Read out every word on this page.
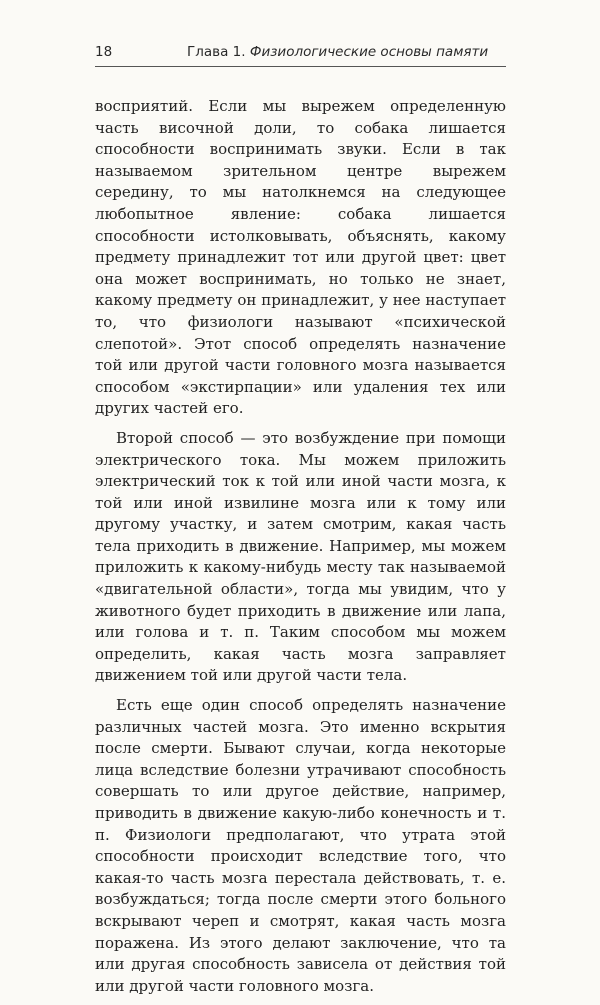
18	Глава 1. Физиологические основы памяти

восприятий. Если мы вырежем определенную часть височной доли, то собака лишается способности воспринимать звуки. Если в так называемом зрительном центре вырежем середину, то мы натолкнемся на следующее любопытное явление: собака лишается способности истолковывать, объяснять, какому предмету принадлежит тот или другой цвет: цвет она может воспринимать, но только не знает, какому предмету он принадлежит, у нее наступает то, что физиологи называют «психической слепотой». Этот способ определять назначение той или другой части головного мозга называется способом «экстирпации» или удаления тех или других частей его.

Второй способ — это возбуждение при помощи электрического тока. Мы можем приложить электрический ток к той или иной части мозга, к той или иной извилине мозга или к тому или другому участку, и затем смотрим, какая часть тела приходить в движение. Например, мы можем приложить к какому-нибудь месту так называемой «двигательной области», тогда мы увидим, что у животного будет приходить в движение или лапа, или голова и т. п. Таким способом мы можем определить, какая часть мозга заправляет движением той или другой части тела.

Есть еще один способ определять назначение различных частей мозга. Это именно вскрытия после смерти. Бывают случаи, когда некоторые лица вследствие болезни утрачивают способность совершать то или другое действие, например, приводить в движение какую-либо конечность и т. п. Физиологи предполагают, что утрата этой способности происходит вследствие того, что какая-то часть мозга перестала действовать, т. е. возбуждаться; тогда после смерти этого больного вскрывают череп и смотрят, какая часть мозга поражена. Из этого делают заключение, что та или другая способность зависела от действия той или другой части головного мозга.
